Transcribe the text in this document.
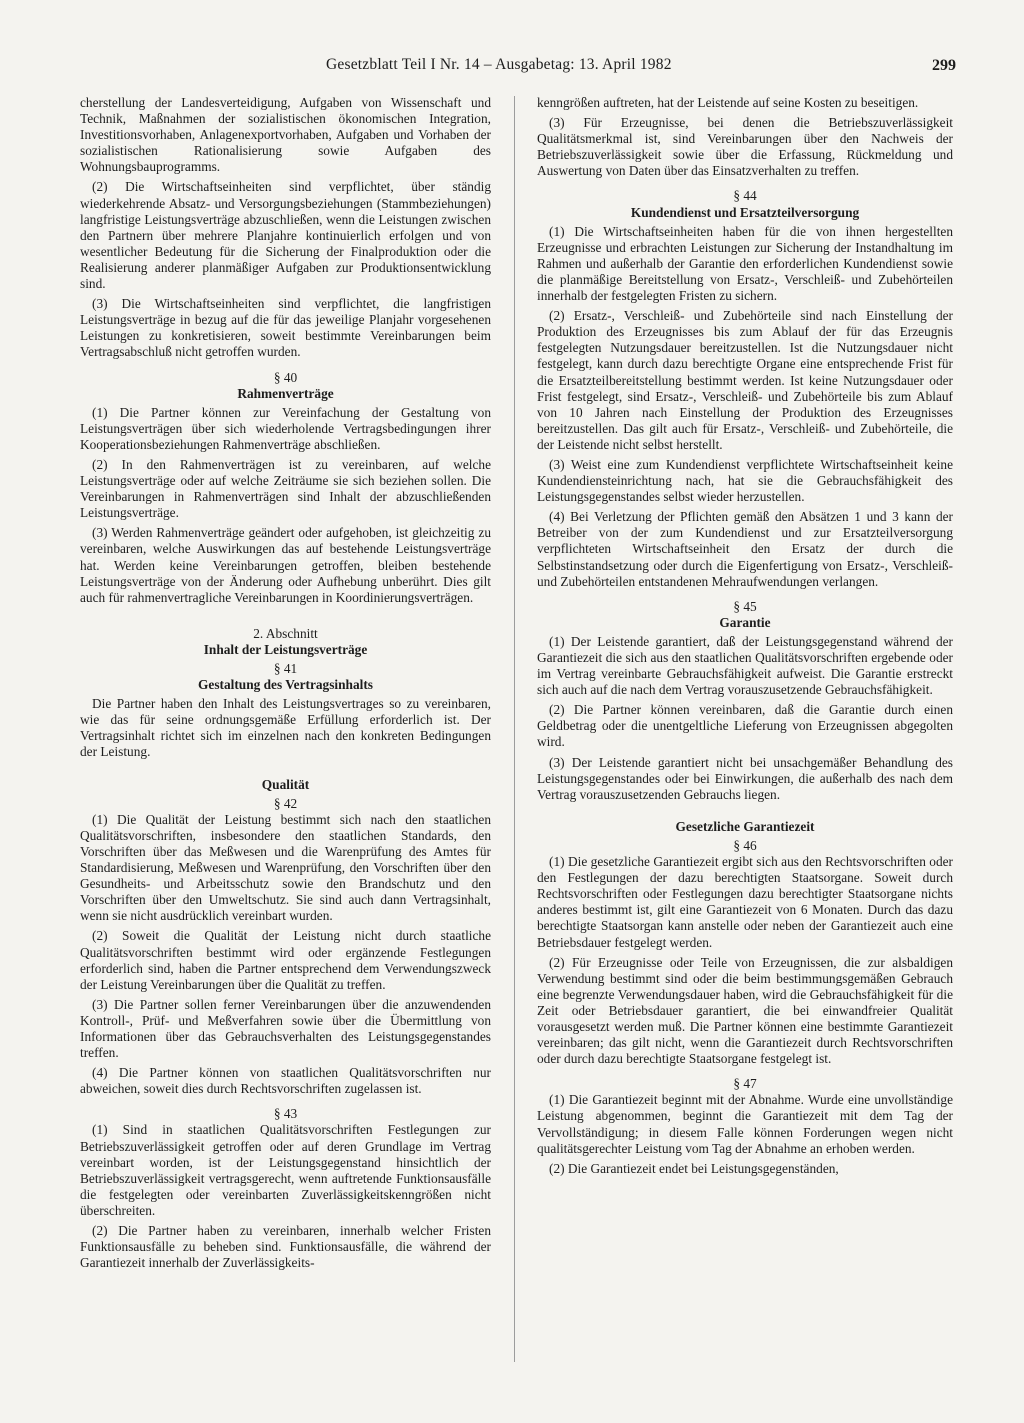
Gesetzblatt Teil I Nr. 14 – Ausgabetag: 13. April 1982	299

cherstellung der Landesverteidigung, Aufgaben von Wissenschaft und Technik, Maßnahmen der sozialistischen ökonomischen Integration, Investitionsvorhaben, Anlagenexportvorhaben, Aufgaben und Vorhaben der sozialistischen Rationalisierung sowie Aufgaben des Wohnungsbauprogramms.

(2) Die Wirtschaftseinheiten sind verpflichtet, über ständig wiederkehrende Absatz- und Versorgungsbeziehungen (Stammbeziehungen) langfristige Leistungsverträge abzuschließen, wenn die Leistungen zwischen den Partnern über mehrere Planjahre kontinuierlich erfolgen und von wesentlicher Bedeutung für die Sicherung der Finalproduktion oder die Realisierung anderer planmäßiger Aufgaben zur Produktionsentwicklung sind.

(3) Die Wirtschaftseinheiten sind verpflichtet, die langfristigen Leistungsverträge in bezug auf die für das jeweilige Planjahr vorgesehenen Leistungen zu konkretisieren, soweit bestimmte Vereinbarungen beim Vertragsabschluß nicht getroffen wurden.

§ 40
Rahmenverträge

(1) Die Partner können zur Vereinfachung der Gestaltung von Leistungsverträgen über sich wiederholende Vertragsbedingungen ihrer Kooperationsbeziehungen Rahmenverträge abschließen.

(2) In den Rahmenverträgen ist zu vereinbaren, auf welche Leistungsverträge oder auf welche Zeiträume sie sich beziehen sollen. Die Vereinbarungen in Rahmenverträgen sind Inhalt der abzuschließenden Leistungsverträge.

(3) Werden Rahmenverträge geändert oder aufgehoben, ist gleichzeitig zu vereinbaren, welche Auswirkungen das auf bestehende Leistungsverträge hat. Werden keine Vereinbarungen getroffen, bleiben bestehende Leistungsverträge von der Änderung oder Aufhebung unberührt. Dies gilt auch für rahmenvertragliche Vereinbarungen in Koordinierungsverträgen.

2. Abschnitt
Inhalt der Leistungsverträge
§ 41
Gestaltung des Vertragsinhalts

Die Partner haben den Inhalt des Leistungsvertrages so zu vereinbaren, wie das für seine ordnungsgemäße Erfüllung erforderlich ist. Der Vertragsinhalt richtet sich im einzelnen nach den konkreten Bedingungen der Leistung.

Qualität
§ 42

(1) Die Qualität der Leistung bestimmt sich nach den staatlichen Qualitätsvorschriften, insbesondere den staatlichen Standards, den Vorschriften über das Meßwesen und die Warenprüfung des Amtes für Standardisierung, Meßwesen und Warenprüfung, den Vorschriften über den Gesundheits- und Arbeitsschutz sowie den Brandschutz und den Vorschriften über den Umweltschutz. Sie sind auch dann Vertragsinhalt, wenn sie nicht ausdrücklich vereinbart wurden.

(2) Soweit die Qualität der Leistung nicht durch staatliche Qualitätsvorschriften bestimmt wird oder ergänzende Festlegungen erforderlich sind, haben die Partner entsprechend dem Verwendungszweck der Leistung Vereinbarungen über die Qualität zu treffen.

(3) Die Partner sollen ferner Vereinbarungen über die anzuwendenden Kontroll-, Prüf- und Meßverfahren sowie über die Übermittlung von Informationen über das Gebrauchsverhalten des Leistungsgegenstandes treffen.

(4) Die Partner können von staatlichen Qualitätsvorschriften nur abweichen, soweit dies durch Rechtsvorschriften zugelassen ist.

§ 43

(1) Sind in staatlichen Qualitätsvorschriften Festlegungen zur Betriebszuverlässigkeit getroffen oder auf deren Grundlage im Vertrag vereinbart worden, ist der Leistungsgegenstand hinsichtlich der Betriebszuverlässigkeit vertragsgerecht, wenn auftretende Funktionsausfälle die festgelegten oder vereinbarten Zuverlässigkeitskenngrößen nicht überschreiten.

(2) Die Partner haben zu vereinbaren, innerhalb welcher Fristen Funktionsausfälle zu beheben sind. Funktionsausfälle, die während der Garantiezeit innerhalb der Zuverlässigkeits-

kenngrößen auftreten, hat der Leistende auf seine Kosten zu beseitigen.

(3) Für Erzeugnisse, bei denen die Betriebszuverlässigkeit Qualitätsmerkmal ist, sind Vereinbarungen über den Nachweis der Betriebszuverlässigkeit sowie über die Erfassung, Rückmeldung und Auswertung von Daten über das Einsatzverhalten zu treffen.

§ 44
Kundendienst und Ersatzteilversorgung

(1) Die Wirtschaftseinheiten haben für die von ihnen hergestellten Erzeugnisse und erbrachten Leistungen zur Sicherung der Instandhaltung im Rahmen und außerhalb der Garantie den erforderlichen Kundendienst sowie die planmäßige Bereitstellung von Ersatz-, Verschleiß- und Zubehörteilen innerhalb der festgelegten Fristen zu sichern.

(2) Ersatz-, Verschleiß- und Zubehörteile sind nach Einstellung der Produktion des Erzeugnisses bis zum Ablauf der für das Erzeugnis festgelegten Nutzungsdauer bereitzustellen. Ist die Nutzungsdauer nicht festgelegt, kann durch dazu berechtigte Organe eine entsprechende Frist für die Ersatzteilbereitstellung bestimmt werden. Ist keine Nutzungsdauer oder Frist festgelegt, sind Ersatz-, Verschleiß- und Zubehörteile bis zum Ablauf von 10 Jahren nach Einstellung der Produktion des Erzeugnisses bereitzustellen. Das gilt auch für Ersatz-, Verschleiß- und Zubehörteile, die der Leistende nicht selbst herstellt.

(3) Weist eine zum Kundendienst verpflichtete Wirtschaftseinheit keine Kundendiensteinrichtung nach, hat sie die Gebrauchsfähigkeit des Leistungsgegenstandes selbst wieder herzustellen.

(4) Bei Verletzung der Pflichten gemäß den Absätzen 1 und 3 kann der Betreiber von der zum Kundendienst und zur Ersatzteilversorgung verpflichteten Wirtschaftseinheit den Ersatz der durch die Selbstinstandsetzung oder durch die Eigenfertigung von Ersatz-, Verschleiß- und Zubehörteilen entstandenen Mehraufwendungen verlangen.

§ 45
Garantie

(1) Der Leistende garantiert, daß der Leistungsgegenstand während der Garantiezeit die sich aus den staatlichen Qualitätsvorschriften ergebende oder im Vertrag vereinbarte Gebrauchsfähigkeit aufweist. Die Garantie erstreckt sich auch auf die nach dem Vertrag vorauszusetzende Gebrauchsfähigkeit.

(2) Die Partner können vereinbaren, daß die Garantie durch einen Geldbetrag oder die unentgeltliche Lieferung von Erzeugnissen abgegolten wird.

(3) Der Leistende garantiert nicht bei unsachgemäßer Behandlung des Leistungsgegenstandes oder bei Einwirkungen, die außerhalb des nach dem Vertrag vorauszusetzenden Gebrauchs liegen.

Gesetzliche Garantiezeit
§ 46

(1) Die gesetzliche Garantiezeit ergibt sich aus den Rechtsvorschriften oder den Festlegungen der dazu berechtigten Staatsorgane. Soweit durch Rechtsvorschriften oder Festlegungen dazu berechtigter Staatsorgane nichts anderes bestimmt ist, gilt eine Garantiezeit von 6 Monaten. Durch das dazu berechtigte Staatsorgan kann anstelle oder neben der Garantiezeit auch eine Betriebsdauer festgelegt werden.

(2) Für Erzeugnisse oder Teile von Erzeugnissen, die zur alsbaldigen Verwendung bestimmt sind oder die beim bestimmungsgemäßen Gebrauch eine begrenzte Verwendungsdauer haben, wird die Gebrauchsfähigkeit für die Zeit oder Betriebsdauer garantiert, die bei einwandfreier Qualität vorausgesetzt werden muß. Die Partner können eine bestimmte Garantiezeit vereinbaren; das gilt nicht, wenn die Garantiezeit durch Rechtsvorschriften oder durch dazu berechtigte Staatsorgane festgelegt ist.

§ 47

(1) Die Garantiezeit beginnt mit der Abnahme. Wurde eine unvollständige Leistung abgenommen, beginnt die Garantiezeit mit dem Tag der Vervollständigung; in diesem Falle können Forderungen wegen nicht qualitätsgerechter Leistung vom Tag der Abnahme an erhoben werden.

(2) Die Garantiezeit endet bei Leistungsgegenständen,
